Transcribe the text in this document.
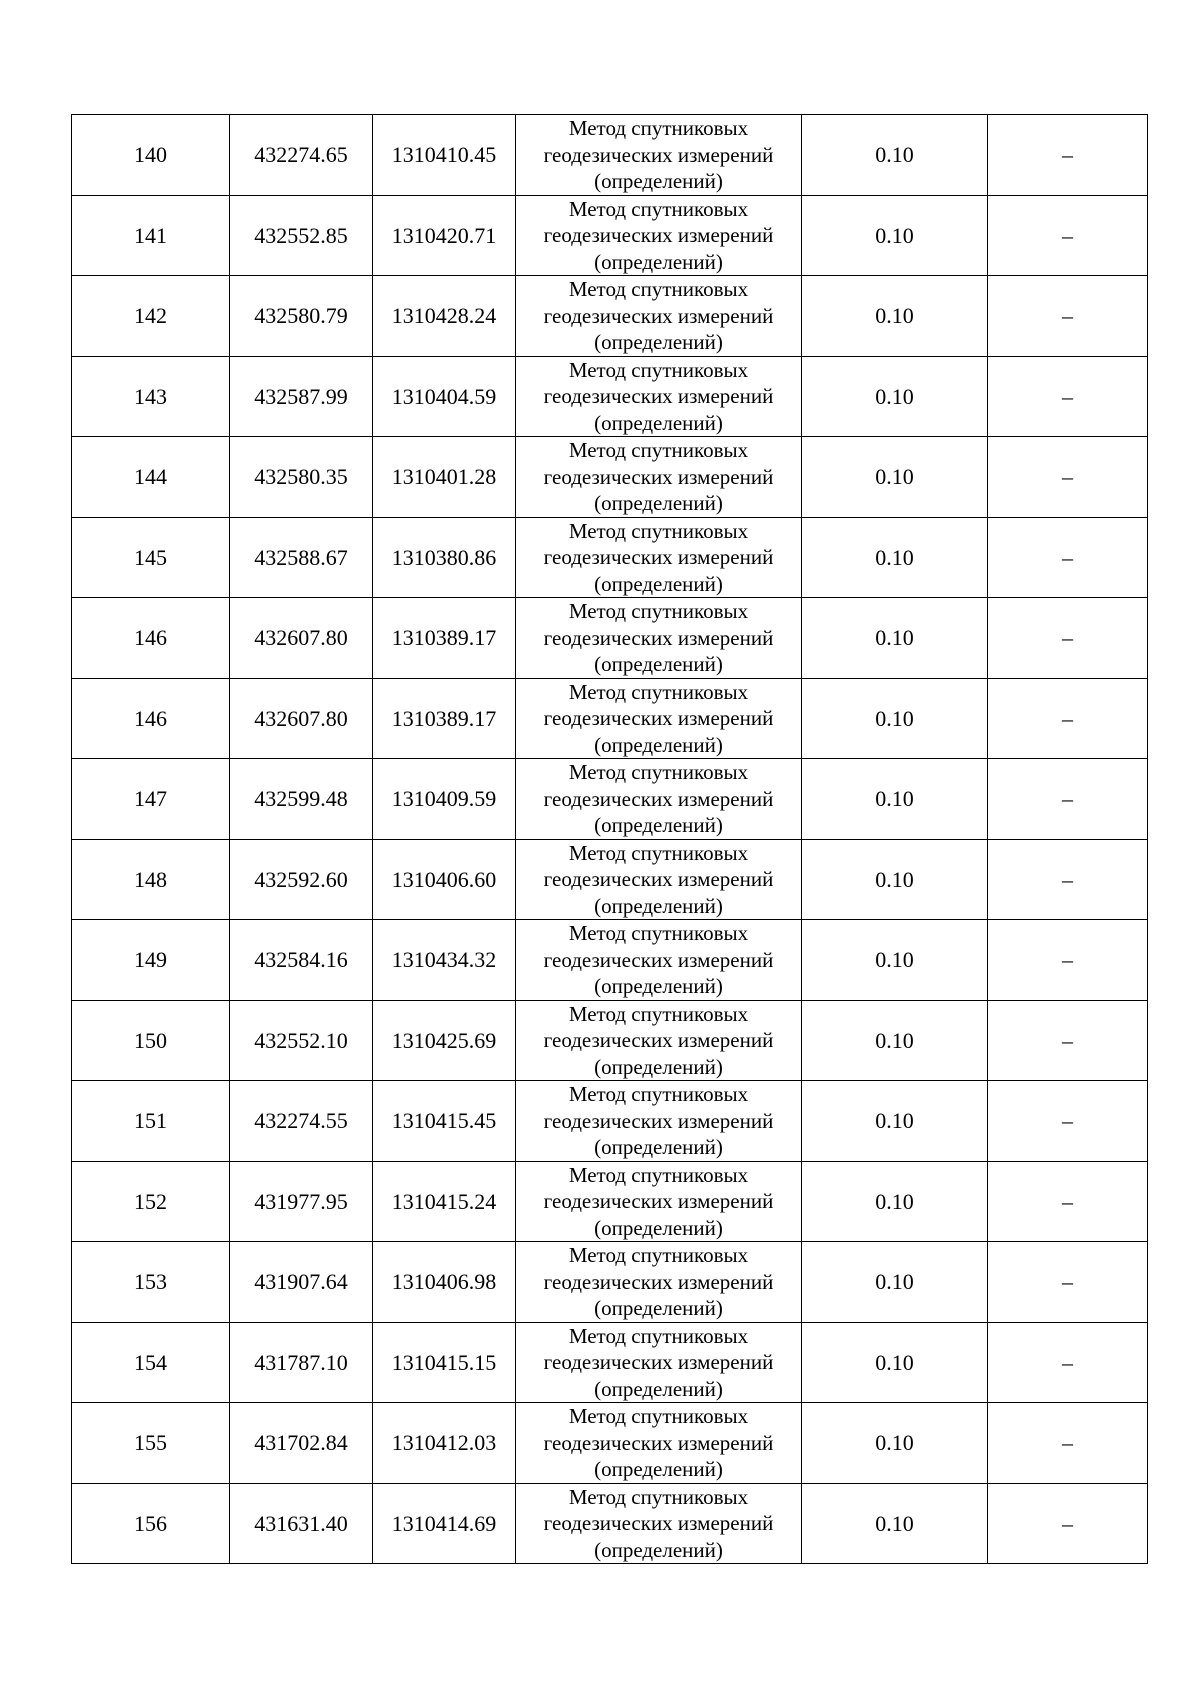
140	432274.65	1310410.45	Метод спутниковых
геодезических измерений
(определений)	0.10	–
141	432552.85	1310420.71	Метод спутниковых
геодезических измерений
(определений)	0.10	–
142	432580.79	1310428.24	Метод спутниковых
геодезических измерений
(определений)	0.10	–
143	432587.99	1310404.59	Метод спутниковых
геодезических измерений
(определений)	0.10	–
144	432580.35	1310401.28	Метод спутниковых
геодезических измерений
(определений)	0.10	–
145	432588.67	1310380.86	Метод спутниковых
геодезических измерений
(определений)	0.10	–
146	432607.80	1310389.17	Метод спутниковых
геодезических измерений
(определений)	0.10	–
146	432607.80	1310389.17	Метод спутниковых
геодезических измерений
(определений)	0.10	–
147	432599.48	1310409.59	Метод спутниковых
геодезических измерений
(определений)	0.10	–
148	432592.60	1310406.60	Метод спутниковых
геодезических измерений
(определений)	0.10	–
149	432584.16	1310434.32	Метод спутниковых
геодезических измерений
(определений)	0.10	–
150	432552.10	1310425.69	Метод спутниковых
геодезических измерений
(определений)	0.10	–
151	432274.55	1310415.45	Метод спутниковых
геодезических измерений
(определений)	0.10	–
152	431977.95	1310415.24	Метод спутниковых
геодезических измерений
(определений)	0.10	–
153	431907.64	1310406.98	Метод спутниковых
геодезических измерений
(определений)	0.10	–
154	431787.10	1310415.15	Метод спутниковых
геодезических измерений
(определений)	0.10	–
155	431702.84	1310412.03	Метод спутниковых
геодезических измерений
(определений)	0.10	–
156	431631.40	1310414.69	Метод спутниковых
геодезических измерений
(определений)	0.10	–
